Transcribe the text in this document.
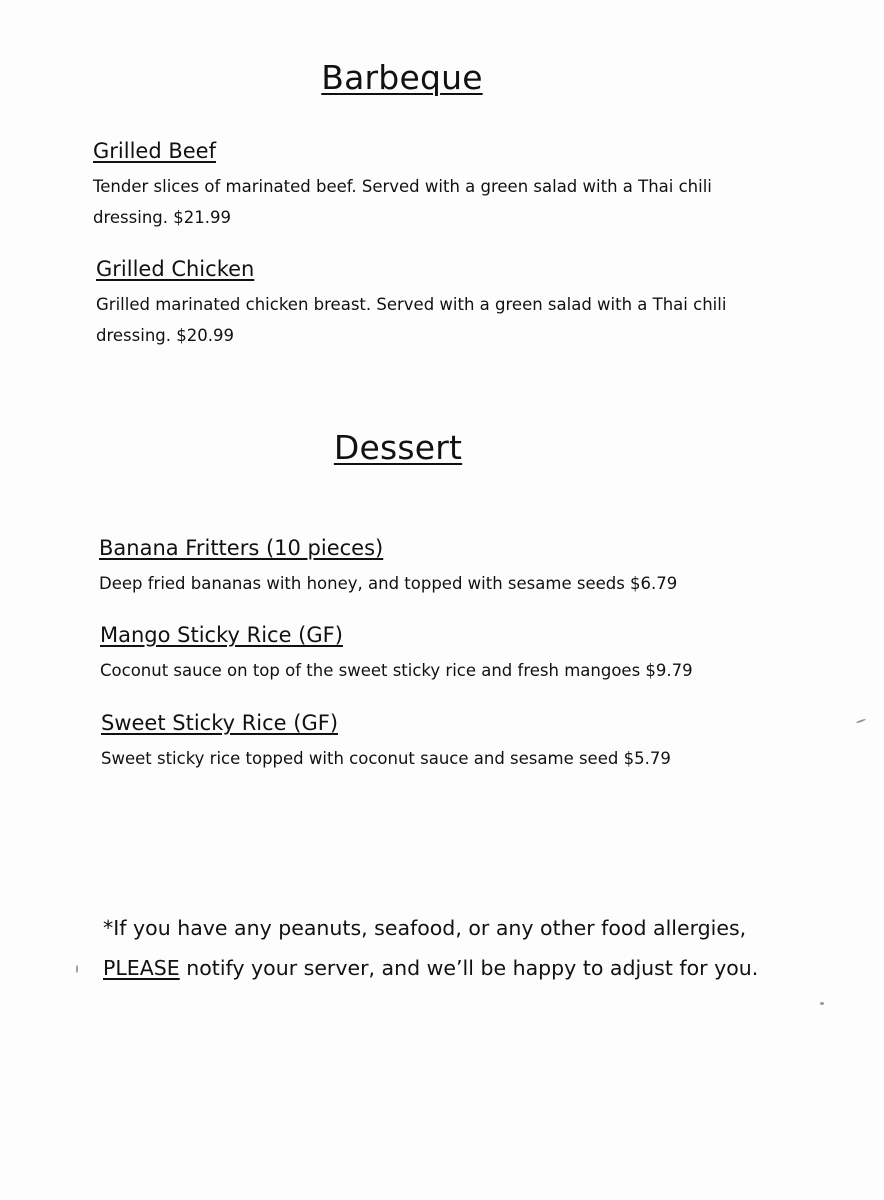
Barbeque
Grilled Beef
Tender slices of marinated beef. Served with a green salad with a Thai chili dressing. $21.99
Grilled Chicken
Grilled marinated chicken breast. Served with a green salad with a Thai chili dressing. $20.99
Dessert
Banana Fritters (10 pieces)
Deep fried bananas with honey, and topped with sesame seeds $6.79
Mango Sticky Rice (GF)
Coconut sauce on top of the sweet sticky rice and fresh mangoes $9.79
Sweet Sticky Rice (GF)
Sweet sticky rice topped with coconut sauce and sesame seed $5.79
*If you have any peanuts, seafood, or any other food allergies,
PLEASE notify your server, and we’ll be happy to adjust for you.
